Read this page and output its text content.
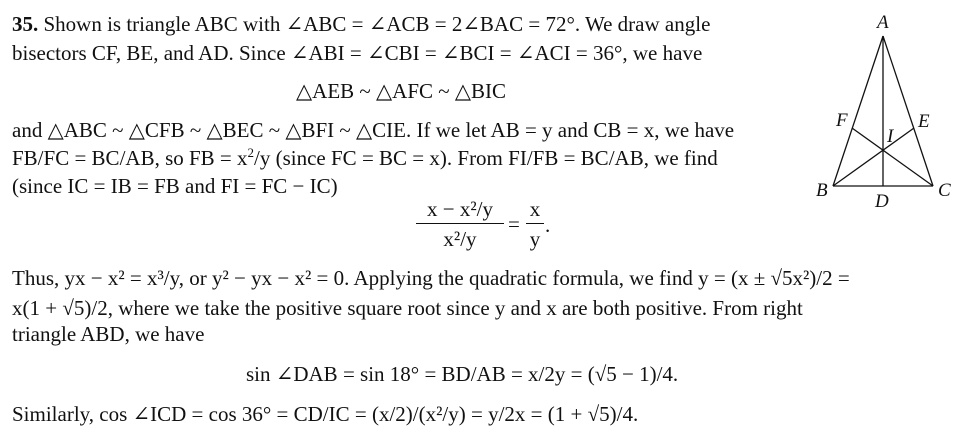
35. Shown is triangle ABC with ∠ABC = ∠ACB = 2∠BAC = 72°. We draw angle
bisectors CF, BE, and AD. Since ∠ABI = ∠CBI = ∠BCI = ∠ACI = 36°, we have
△AEB ~ △AFC ~ △BIC
and △ABC ~ △CFB ~ △BEC ~ △BFI ~ △CIE. If we let AB = y and CB = x, we have
FB/FC = BC/AB, so FB = $x^2/y$ (since FC = BC = x). From FI/FB = BC/AB, we find
(since IC = IB = FB and FI = FC − IC)
x − x²/y
x²/y
=
x
y
.
Thus, yx − x² = x³/y, or y² − yx − x² = 0. Applying the quadratic formula, we find y = (x ± √5x²)/2 =
x(1 + √5)/2, where we take the positive square root since y and x are both positive. From right
triangle ABD, we have
sin ∠DAB = sin 18° = BD/AB = x/2y = (√5 − 1)/4.
Similarly, cos ∠ICD = cos 36° = CD/IC = (x/2)/(x²/y) = y/2x = (1 + √5)/4.
A
F	E
I
B
D
C
